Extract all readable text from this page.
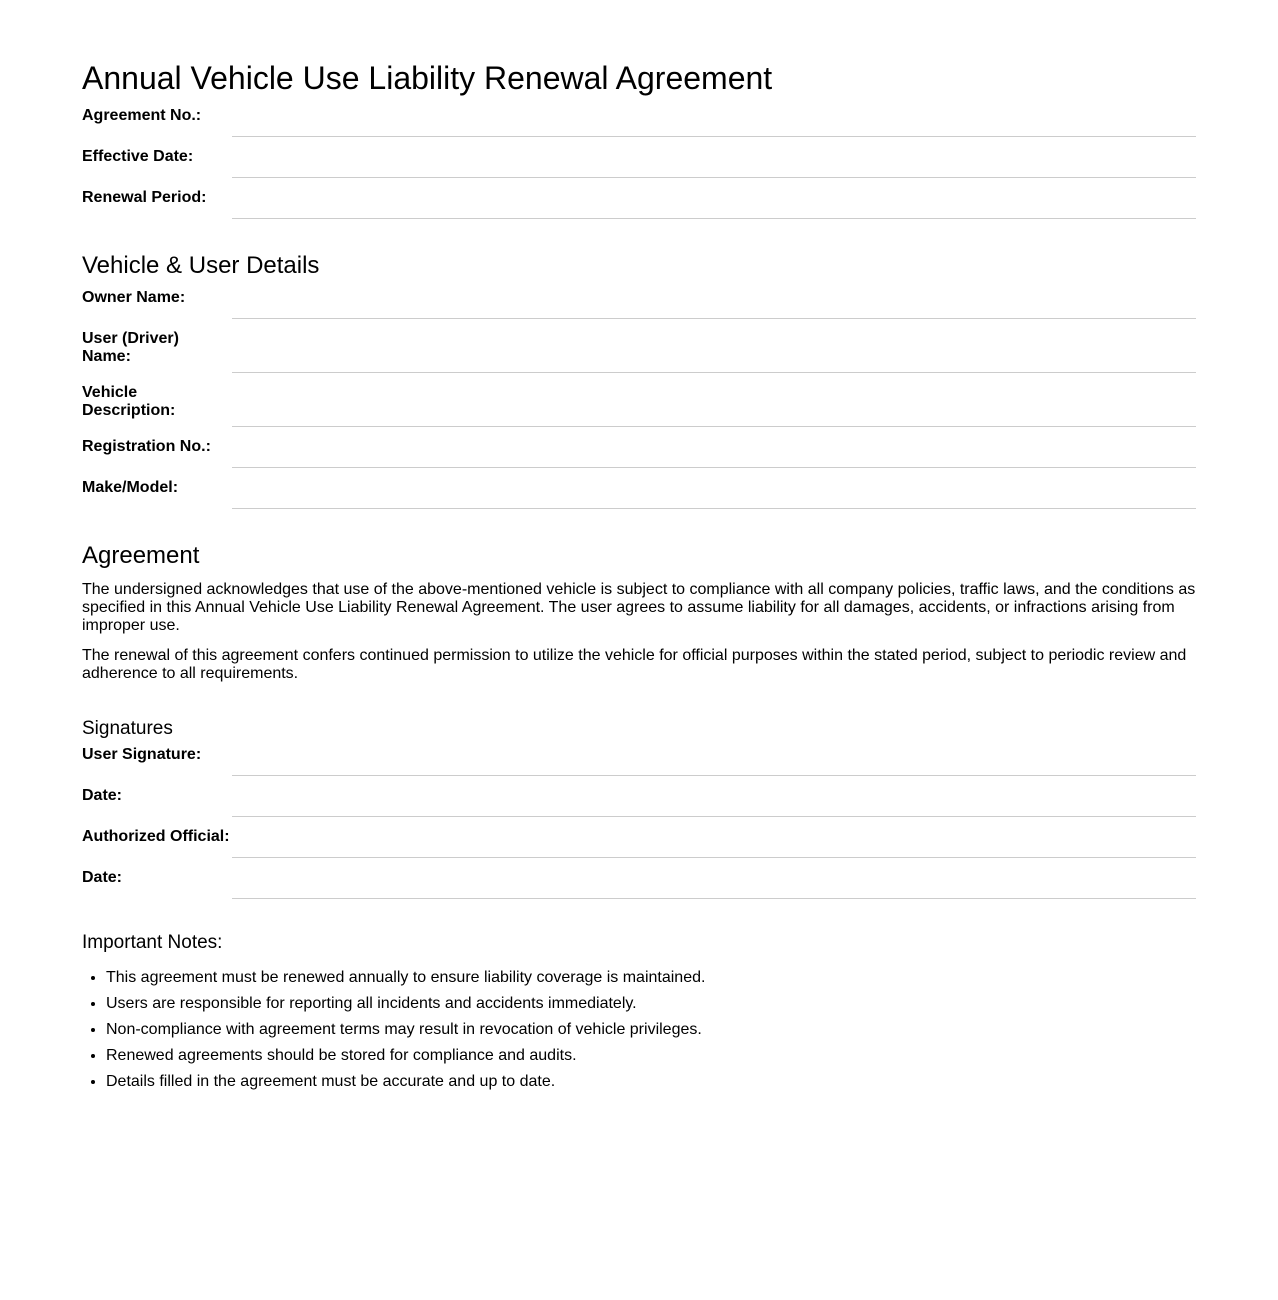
Annual Vehicle Use Liability Renewal Agreement
Agreement No.:
Effective Date:
Renewal Period:
Vehicle & User Details
Owner Name:
User (Driver) Name:
Vehicle Description:
Registration No.:
Make/Model:
Agreement

The undersigned acknowledges that use of the above-mentioned vehicle is subject to compliance with all company policies, traffic laws, and the conditions as specified in this Annual Vehicle Use Liability Renewal Agreement. The user agrees to assume liability for all damages, accidents, or infractions arising from improper use.

The renewal of this agreement confers continued permission to utilize the vehicle for official purposes within the stated period, subject to periodic review and adherence to all requirements.

Signatures
User Signature:
Date:
Authorized Official:
Date:
Important Notes:
• This agreement must be renewed annually to ensure liability coverage is maintained.
• Users are responsible for reporting all incidents and accidents immediately.
• Non-compliance with agreement terms may result in revocation of vehicle privileges.
• Renewed agreements should be stored for compliance and audits.
• Details filled in the agreement must be accurate and up to date.
